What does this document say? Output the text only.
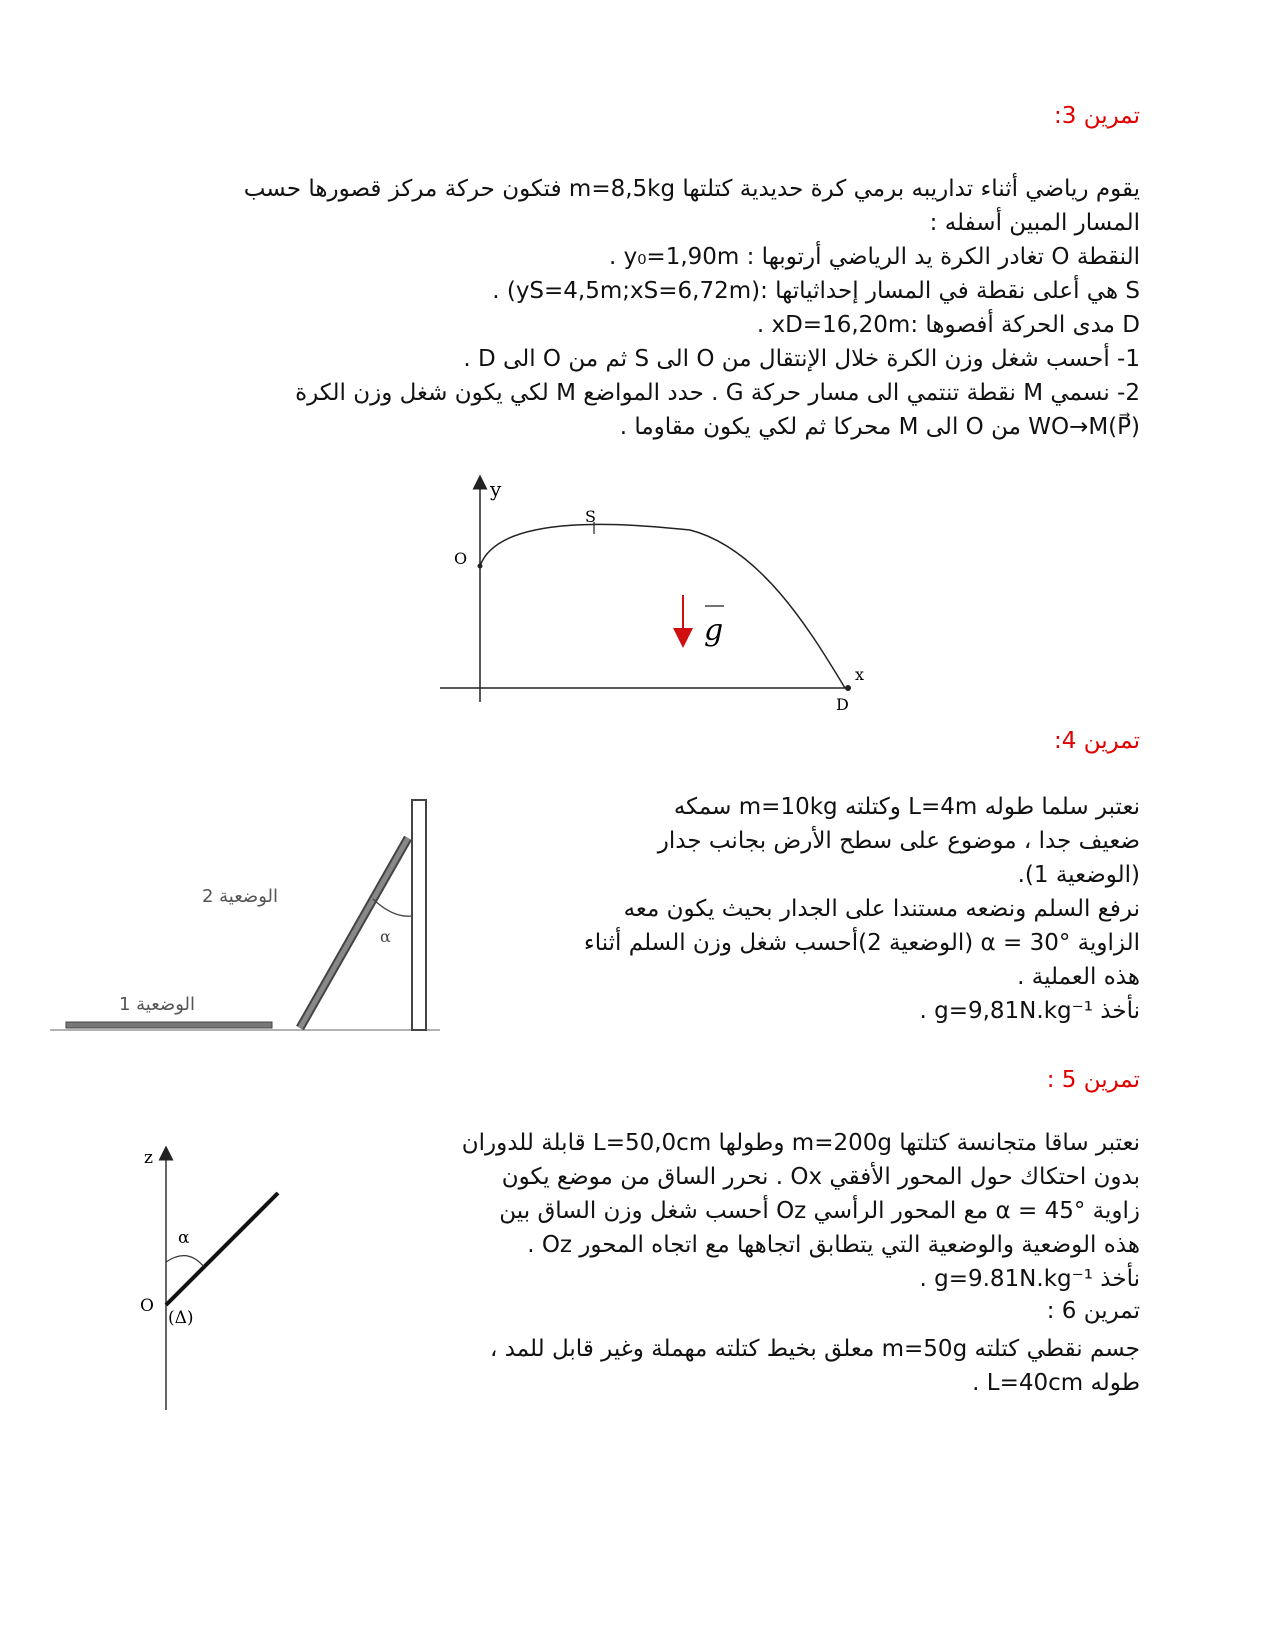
تمرين 3:

يقوم رياضي أثناء تداريبه برمي كرة حديدية كتلتها m=8,5kg فتكون حركة مركز قصورها حسب

المسار المبين أسفله :

النقطة O تغادر الكرة يد الرياضي أرتوبها : y₀=1,90m .

S هي أعلى نقطة في المسار إحداثياتها :(yS=4,5m;xS=6,72m) .

D مدى الحركة أفصوها :xD=16,20m .

1- أحسب شغل وزن الكرة خلال الإنتقال من O الى S ثم من O الى D .

2- نسمي M نقطة تنتمي الى مسار حركة G . حدد المواضع M لكي يكون شغل وزن الكرة

WO→M(P⃗) من O الى M محركا ثم لكي يكون مقاوما .

y
O
S
x
D
g
تمرين 4:

نعتبر سلما طوله L=4m وكتلته m=10kg سمكه

ضعيف جدا ، موضوع على سطح الأرض بجانب جدار

(الوضعية 1).

نرفع السلم ونضعه مستندا على الجدار بحيث يكون معه

الزاوية α = 30° (الوضعية 2)أحسب شغل وزن السلم أثناء

هذه العملية .

نأخذ g=9,81N.kg⁻¹ .

α
الوضعية 2
الوضعية 1
تمرين 5 :

نعتبر ساقا متجانسة كتلتها m=200g وطولها L=50,0cm قابلة للدوران

بدون احتكاك حول المحور الأفقي Ox . نحرر الساق من موضع يكون

زاوية α = 45° مع المحور الرأسي Oz أحسب شغل وزن الساق بين

هذه الوضعية والوضعية التي يتطابق اتجاهها مع اتجاه المحور Oz .

نأخذ g=9.81N.kg⁻¹ .

z
α
O
(Δ)	تمرين 6 :

جسم نقطي كتلته m=50g معلق بخيط كتلته مهملة وغير قابل للمد ،

طوله L=40cm .
